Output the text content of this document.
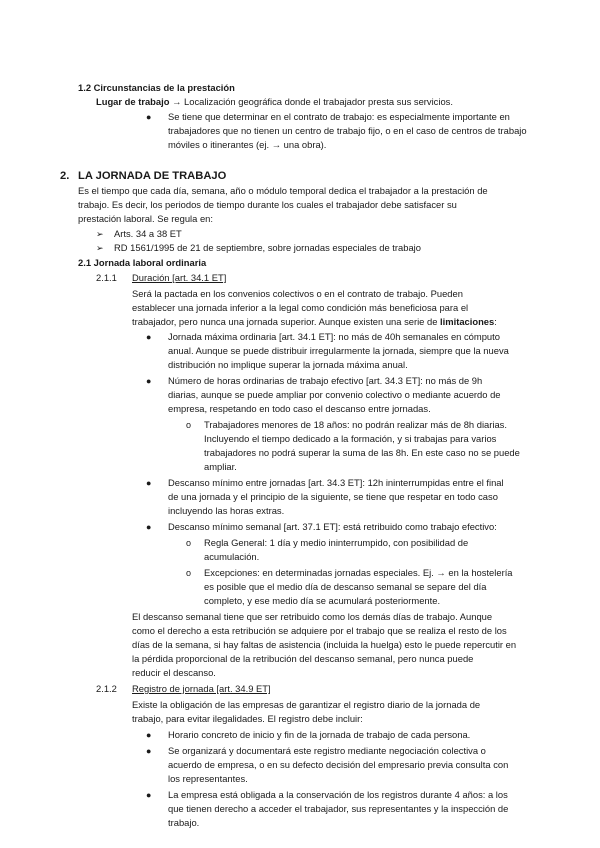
1.2 Circunstancias de la prestación
Lugar de trabajo → Localización geográfica donde el trabajador presta sus servicios.
● Se tiene que determinar en el contrato de trabajo: es especialmente importante en
trabajadores que no tienen un centro de trabajo fijo, o en el caso de centros de trabajo
móviles o itinerantes (ej. → una obra).
2. LA JORNADA DE TRABAJO
Es el tiempo que cada día, semana, año o módulo temporal dedica el trabajador a la prestación de
trabajo. Es decir, los periodos de tiempo durante los cuales el trabajador debe satisfacer su
prestación laboral. Se regula en:
➢ Arts. 34 a 38 ET
➢ RD 1561/1995 de 21 de septiembre, sobre jornadas especiales de trabajo
2.1 Jornada laboral ordinaria
2.1.1 Duración [art. 34.1 ET]
Será la pactada en los convenios colectivos o en el contrato de trabajo. Pueden
establecer una jornada inferior a la legal como condición más beneficiosa para el
trabajador, pero nunca una jornada superior. Aunque existen una serie de limitaciones:
● Jornada máxima ordinaria [art. 34.1 ET]: no más de 40h semanales en cómputo
anual. Aunque se puede distribuir irregularmente la jornada, siempre que la nueva
distribución no implique superar la jornada máxima anual.
● Número de horas ordinarias de trabajo efectivo [art. 34.3 ET]: no más de 9h
diarias, aunque se puede ampliar por convenio colectivo o mediante acuerdo de
empresa, respetando en todo caso el descanso entre jornadas.
o Trabajadores menores de 18 años: no podrán realizar más de 8h diarias.
Incluyendo el tiempo dedicado a la formación, y si trabajas para varios
trabajadores no podrá superar la suma de las 8h. En este caso no se puede
ampliar.
● Descanso mínimo entre jornadas [art. 34.3 ET]: 12h ininterrumpidas entre el final
de una jornada y el principio de la siguiente, se tiene que respetar en todo caso
incluyendo las horas extras.
● Descanso mínimo semanal [art. 37.1 ET]: está retribuido como trabajo efectivo:
o Regla General: 1 día y medio ininterrumpido, con posibilidad de
acumulación.
o Excepciones: en determinadas jornadas especiales. Ej. → en la hostelería
es posible que el medio día de descanso semanal se separe del día
completo, y ese medio día se acumulará posteriormente.
El descanso semanal tiene que ser retribuido como los demás días de trabajo. Aunque
como el derecho a esta retribución se adquiere por el trabajo que se realiza el resto de los
días de la semana, si hay faltas de asistencia (incluida la huelga) esto le puede repercutir en
la pérdida proporcional de la retribución del descanso semanal, pero nunca puede
reducir el descanso.
2.1.2 Registro de jornada [art. 34.9 ET]
Existe la obligación de las empresas de garantizar el registro diario de la jornada de
trabajo, para evitar ilegalidades. El registro debe incluir:
● Horario concreto de inicio y fin de la jornada de trabajo de cada persona.
● Se organizará y documentará este registro mediante negociación colectiva o
acuerdo de empresa, o en su defecto decisión del empresario previa consulta con
los representantes.
● La empresa está obligada a la conservación de los registros durante 4 años: a los
que tienen derecho a acceder el trabajador, sus representantes y la inspección de
trabajo.
